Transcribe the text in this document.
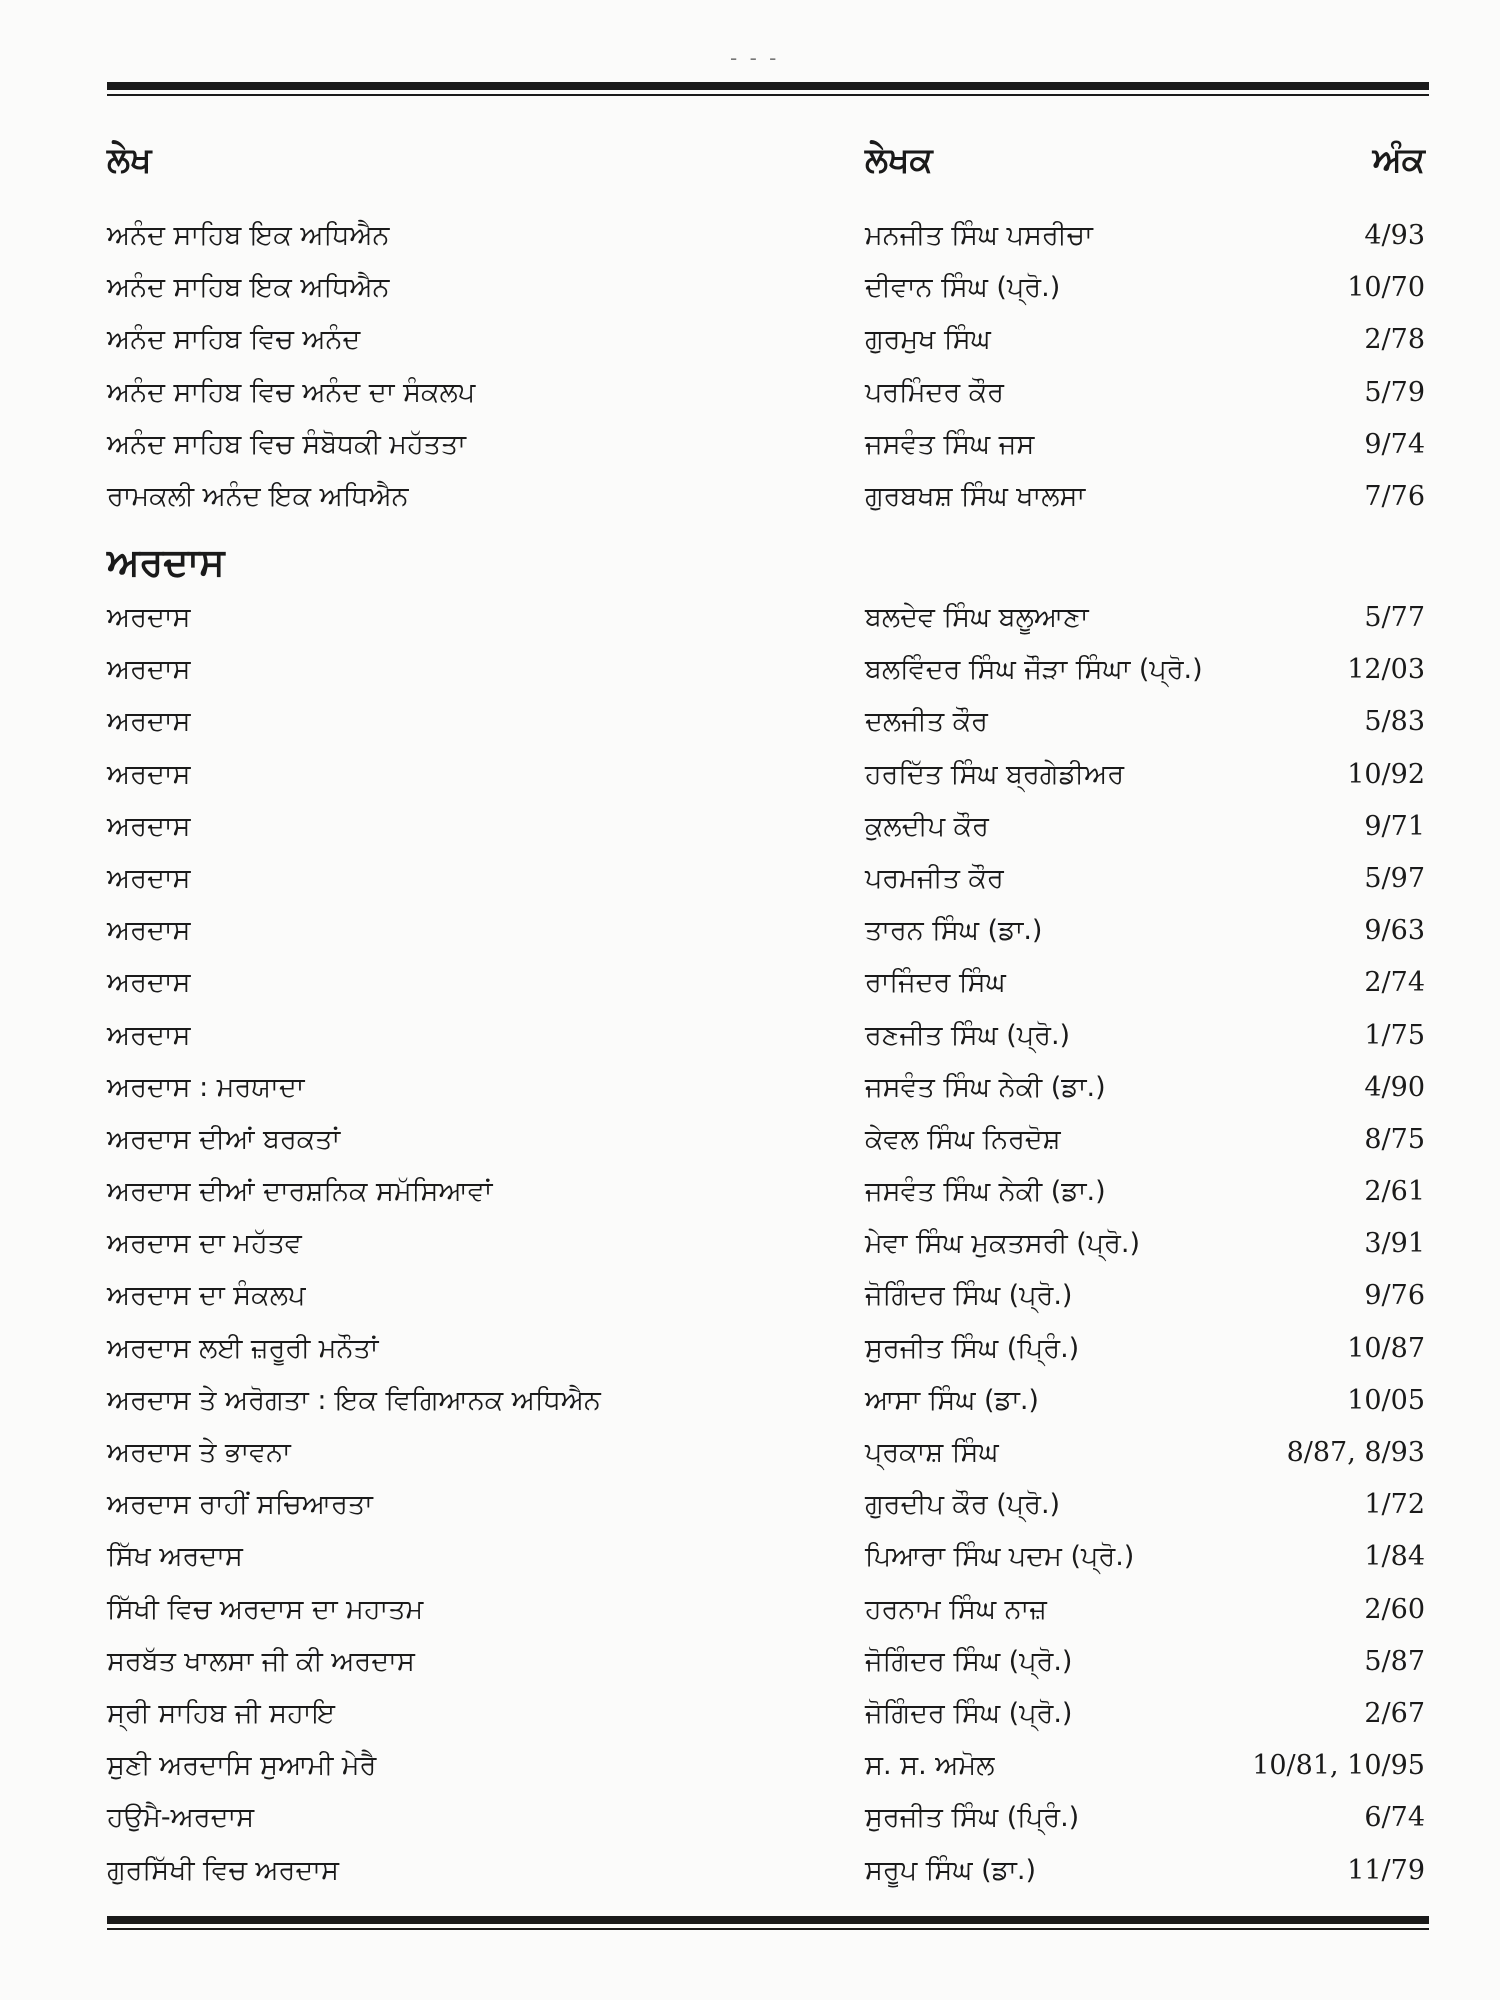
- - -
ਲੇਖ	ਲੇਖਕ	ਅੰਕ
ਅਨੰਦ ਸਾਹਿਬ ਇਕ ਅਧਿਐਨ	ਮਨਜੀਤ ਸਿੰਘ ਪਸਰੀਚਾ	4/93
ਅਨੰਦ ਸਾਹਿਬ ਇਕ ਅਧਿਐਨ	ਦੀਵਾਨ ਸਿੰਘ (ਪ੍ਰੋ.)	10/70
ਅਨੰਦ ਸਾਹਿਬ ਵਿਚ ਅਨੰਦ	ਗੁਰਮੁਖ ਸਿੰਘ	2/78
ਅਨੰਦ ਸਾਹਿਬ ਵਿਚ ਅਨੰਦ ਦਾ ਸੰਕਲਪ	ਪਰਮਿੰਦਰ ਕੌਰ	5/79
ਅਨੰਦ ਸਾਹਿਬ ਵਿਚ ਸੰਬੋਧਕੀ ਮਹੱਤਤਾ	ਜਸਵੰਤ ਸਿੰਘ ਜਸ	9/74
ਰਾਮਕਲੀ ਅਨੰਦ ਇਕ ਅਧਿਐਨ	ਗੁਰਬਖਸ਼ ਸਿੰਘ ਖਾਲਸਾ	7/76
ਅਰਦਾਸ
ਅਰਦਾਸ	ਬਲਦੇਵ ਸਿੰਘ ਬਲੂਆਣਾ	5/77
ਅਰਦਾਸ	ਬਲਵਿੰਦਰ ਸਿੰਘ ਜੌੜਾ ਸਿੰਘਾ (ਪ੍ਰੋ.)	12/03
ਅਰਦਾਸ	ਦਲਜੀਤ ਕੌਰ	5/83
ਅਰਦਾਸ	ਹਰਦਿੱਤ ਸਿੰਘ ਬ੍ਰਗੇਡੀਅਰ	10/92
ਅਰਦਾਸ	ਕੁਲਦੀਪ ਕੌਰ	9/71
ਅਰਦਾਸ	ਪਰਮਜੀਤ ਕੌਰ	5/97
ਅਰਦਾਸ	ਤਾਰਨ ਸਿੰਘ (ਡਾ.)	9/63
ਅਰਦਾਸ	ਰਾਜਿੰਦਰ ਸਿੰਘ	2/74
ਅਰਦਾਸ	ਰਣਜੀਤ ਸਿੰਘ (ਪ੍ਰੋ.)	1/75
ਅਰਦਾਸ : ਮਰਯਾਦਾ	ਜਸਵੰਤ ਸਿੰਘ ਨੇਕੀ (ਡਾ.)	4/90
ਅਰਦਾਸ ਦੀਆਂ ਬਰਕਤਾਂ	ਕੇਵਲ ਸਿੰਘ ਨਿਰਦੋਸ਼	8/75
ਅਰਦਾਸ ਦੀਆਂ ਦਾਰਸ਼ਨਿਕ ਸਮੱਸਿਆਵਾਂ	ਜਸਵੰਤ ਸਿੰਘ ਨੇਕੀ (ਡਾ.)	2/61
ਅਰਦਾਸ ਦਾ ਮਹੱਤਵ	ਮੇਵਾ ਸਿੰਘ ਮੁਕਤਸਰੀ (ਪ੍ਰੋ.)	3/91
ਅਰਦਾਸ ਦਾ ਸੰਕਲਪ	ਜੋਗਿੰਦਰ ਸਿੰਘ (ਪ੍ਰੋ.)	9/76
ਅਰਦਾਸ ਲਈ ਜ਼ਰੂਰੀ ਮਨੌਤਾਂ	ਸੁਰਜੀਤ ਸਿੰਘ (ਪ੍ਰਿੰ.)	10/87
ਅਰਦਾਸ ਤੇ ਅਰੋਗਤਾ : ਇਕ ਵਿਗਿਆਨਕ ਅਧਿਐਨ	ਆਸਾ ਸਿੰਘ (ਡਾ.)	10/05
ਅਰਦਾਸ ਤੇ ਭਾਵਨਾ	ਪ੍ਰਕਾਸ਼ ਸਿੰਘ	8/87, 8/93
ਅਰਦਾਸ ਰਾਹੀਂ ਸਚਿਆਰਤਾ	ਗੁਰਦੀਪ ਕੌਰ (ਪ੍ਰੋ.)	1/72
ਸਿੱਖ ਅਰਦਾਸ	ਪਿਆਰਾ ਸਿੰਘ ਪਦਮ (ਪ੍ਰੋ.)	1/84
ਸਿੱਖੀ ਵਿਚ ਅਰਦਾਸ ਦਾ ਮਹਾਤਮ	ਹਰਨਾਮ ਸਿੰਘ ਨਾਜ਼	2/60
ਸਰਬੱਤ ਖਾਲਸਾ ਜੀ ਕੀ ਅਰਦਾਸ	ਜੋਗਿੰਦਰ ਸਿੰਘ (ਪ੍ਰੋ.)	5/87
ਸ੍ਰੀ ਸਾਹਿਬ ਜੀ ਸਹਾਇ	ਜੋਗਿੰਦਰ ਸਿੰਘ (ਪ੍ਰੋ.)	2/67
ਸੁਣੀ ਅਰਦਾਸਿ ਸੁਆਮੀ ਮੇਰੈ	ਸ. ਸ. ਅਮੋਲ	10/81, 10/95
ਹਉਮੈ-ਅਰਦਾਸ	ਸੁਰਜੀਤ ਸਿੰਘ (ਪ੍ਰਿੰ.)	6/74
ਗੁਰਸਿੱਖੀ ਵਿਚ ਅਰਦਾਸ	ਸਰੂਪ ਸਿੰਘ (ਡਾ.)	11/79
